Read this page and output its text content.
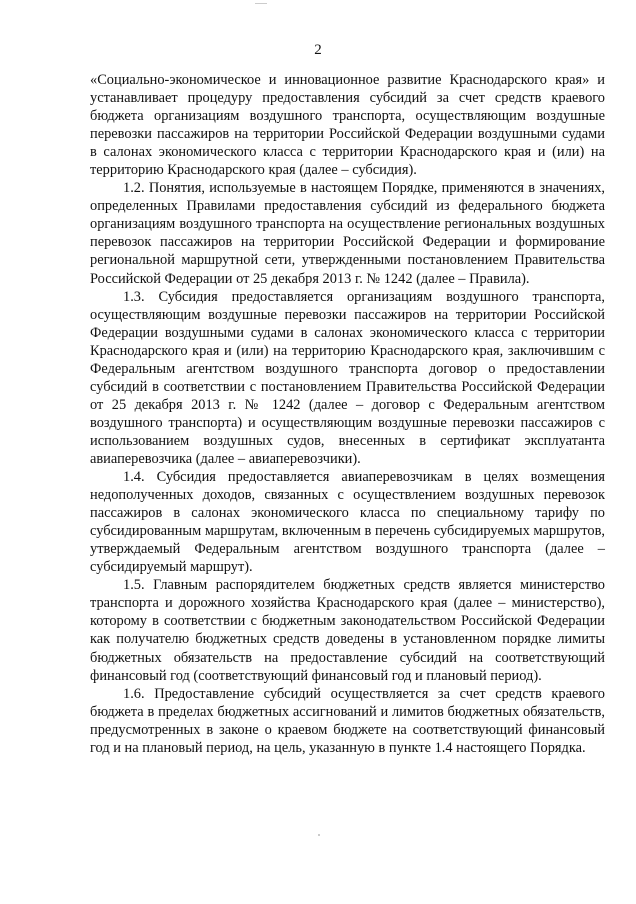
2

«Социально-экономическое и инновационное развитие Краснодарского края» и устанавливает процедуру предоставления субсидий за счет средств краевого бюджета организациям воздушного транспорта, осуществляющим воздушные перевозки пассажиров на территории Российской Федерации воздушными судами в салонах экономического класса с территории Краснодарского края и (или) на территорию Краснодарского края (далее – субсидия).

1.2. Понятия, используемые в настоящем Порядке, применяются в значениях, определенных Правилами предоставления субсидий из федерального бюджета организациям воздушного транспорта на осуществление региональных воздушных перевозок пассажиров на территории Российской Федерации и формирование региональной маршрутной сети, утвержденными постановлением Правительства Российской Федерации от 25 декабря 2013 г. № 1242 (далее – Правила).

1.3. Субсидия предоставляется организациям воздушного транспорта, осуществляющим воздушные перевозки пассажиров на территории Российской Федерации воздушными судами в салонах экономического класса с территории Краснодарского края и (или) на территорию Краснодарского края, заключившим с Федеральным агентством воздушного транспорта договор о предоставлении субсидий в соответствии с постановлением Правительства Российской Федерации от 25 декабря 2013 г. № 1242 (далее – договор с Федеральным агентством воздушного транспорта) и осуществляющим воздушные перевозки пассажиров с использованием воздушных судов, внесенных в сертификат эксплуатанта авиаперевозчика (далее – авиаперевозчики).

1.4. Субсидия предоставляется авиаперевозчикам в целях возмещения недополученных доходов, связанных с осуществлением воздушных перевозок пассажиров в салонах экономического класса по специальному тарифу по субсидированным маршрутам, включенным в перечень субсидируемых маршрутов, утверждаемый Федеральным агентством воздушного транспорта (далее – субсидируемый маршрут).

1.5. Главным распорядителем бюджетных средств является министерство транспорта и дорожного хозяйства Краснодарского края (далее – министерство), которому в соответствии с бюджетным законодательством Российской Федерации как получателю бюджетных средств доведены в установленном порядке лимиты бюджетных обязательств на предоставление субсидий на соответствующий финансовый год (соответствующий финансовый год и плановый период).

1.6. Предоставление субсидий осуществляется за счет средств краевого бюджета в пределах бюджетных ассигнований и лимитов бюджетных обязательств, предусмотренных в законе о краевом бюджете на соответствующий финансовый год и на плановый период, на цель, указанную в пункте 1.4 настоящего Порядка.
